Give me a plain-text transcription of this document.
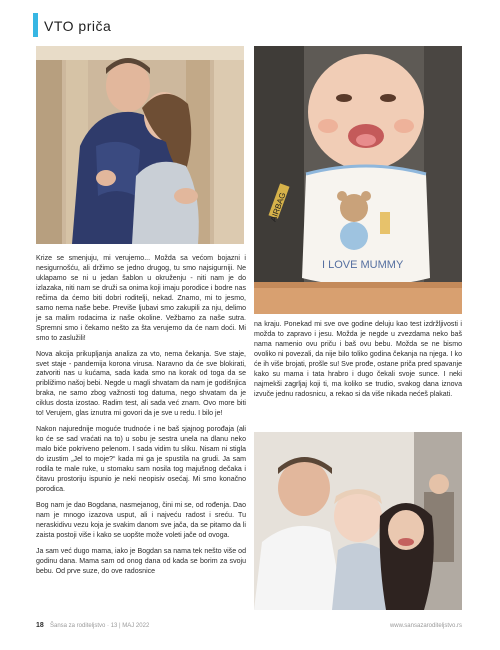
VTO priča
AIRBAG
I LOVE MUMMY

Krize se smenjuju, mi verujemo... Možda sa većom bojazni i nesigurnošću, ali držimo se jedno drugog, tu smo najsigurniji. Ne uklapamo se ni u jedan šablon u okruženju - niti nam je do izlazaka, niti nam se druži sa onima koji imaju porodice i bodre nas rečima da ćemo biti dobri roditelji, nekad. Znamo, mi to jesmo, samo nema naše bebe. Previše ljubavi smo zakupili za nju, delimo je sa malim rodacima iz naše okoline. Vežbamo za naše sutra. Spremni smo i čekamo nešto za šta verujemo da će nam doći. Mi smo to zaslužili!

Nova akcija prikupljanja analiza za vto, nema čekanja. Sve staje, svet staje - pandemija korona virusa. Naravno da će sve blokirati, zatvoriti nas u kućama, sada kada smo na korak od toga da se približimo našoj bebi. Negde u magli shvatam da nam je godišnjica braka, ne samo zbog važnosti tog datuma, nego shvatam da je ciklus dosta izostao. Radim test, ali sada već znam. Ovo more biti to! Verujem, glas iznutra mi govori da je sve u redu. I bilo je!

Nakon najurednije moguće trudnoće i ne baš sjajnog porođaja (ali ko će se sad vraćati na to) u sobu je sestra unela na dlanu neko malo biće pokriveno pelenom. I sada vidim tu sliku. Nisam ni stigla do izustim „Jel to moje?“ kada mi ga je spustila na grudi. Ja sam rodila te male ruke, u stomaku sam nosila tog majušnog dečaka i čitavu prostoriju ispunio je neki neopisiv osećaj. Mi smo konačno porodica.

Bog nam je dao Bogdana, nasmejanog, čini mi se, od rođenja. Dao nam je mnogo izazova usput, ali i najveću radost i sreću. Tu neraskidivu vezu koja je svakim danom sve jača, da se pitamo da li zaista postoji više i kako se uopšte može voleti jače od ovoga.

Ja sam već dugo mama, iako je Bogdan sa nama tek nešto više od godinu dana. Mama sam od onog dana od kada se borim za svoju bebu. Od prve suze, do ove radosnice

na kraju. Ponekad mi sve ove godine deluju kao test izdržljivosti i možda to zapravo i jesu. Možda je negde u zvezdama neko baš nama namenio ovu priču i baš ovu bebu. Možda se ne bismo ovoliko ni povezali, da nije bilo toliko godina čekanja na njega. I ko će ih više brojati, prošle su! Sve prođe, ostane priča pred spavanje kako su mama i tata hrabro i dugo čekali svoje sunce. I neki najmekši zagrljaj koji ti, ma koliko se trudio, svakog dana iznova izvuče jednu radosnicu, a rekao si da više nikada nećeš plakati.

18 Šansa za roditeljstvo · 13 | MAJ 2022	www.sansazaroditeljstvo.rs
